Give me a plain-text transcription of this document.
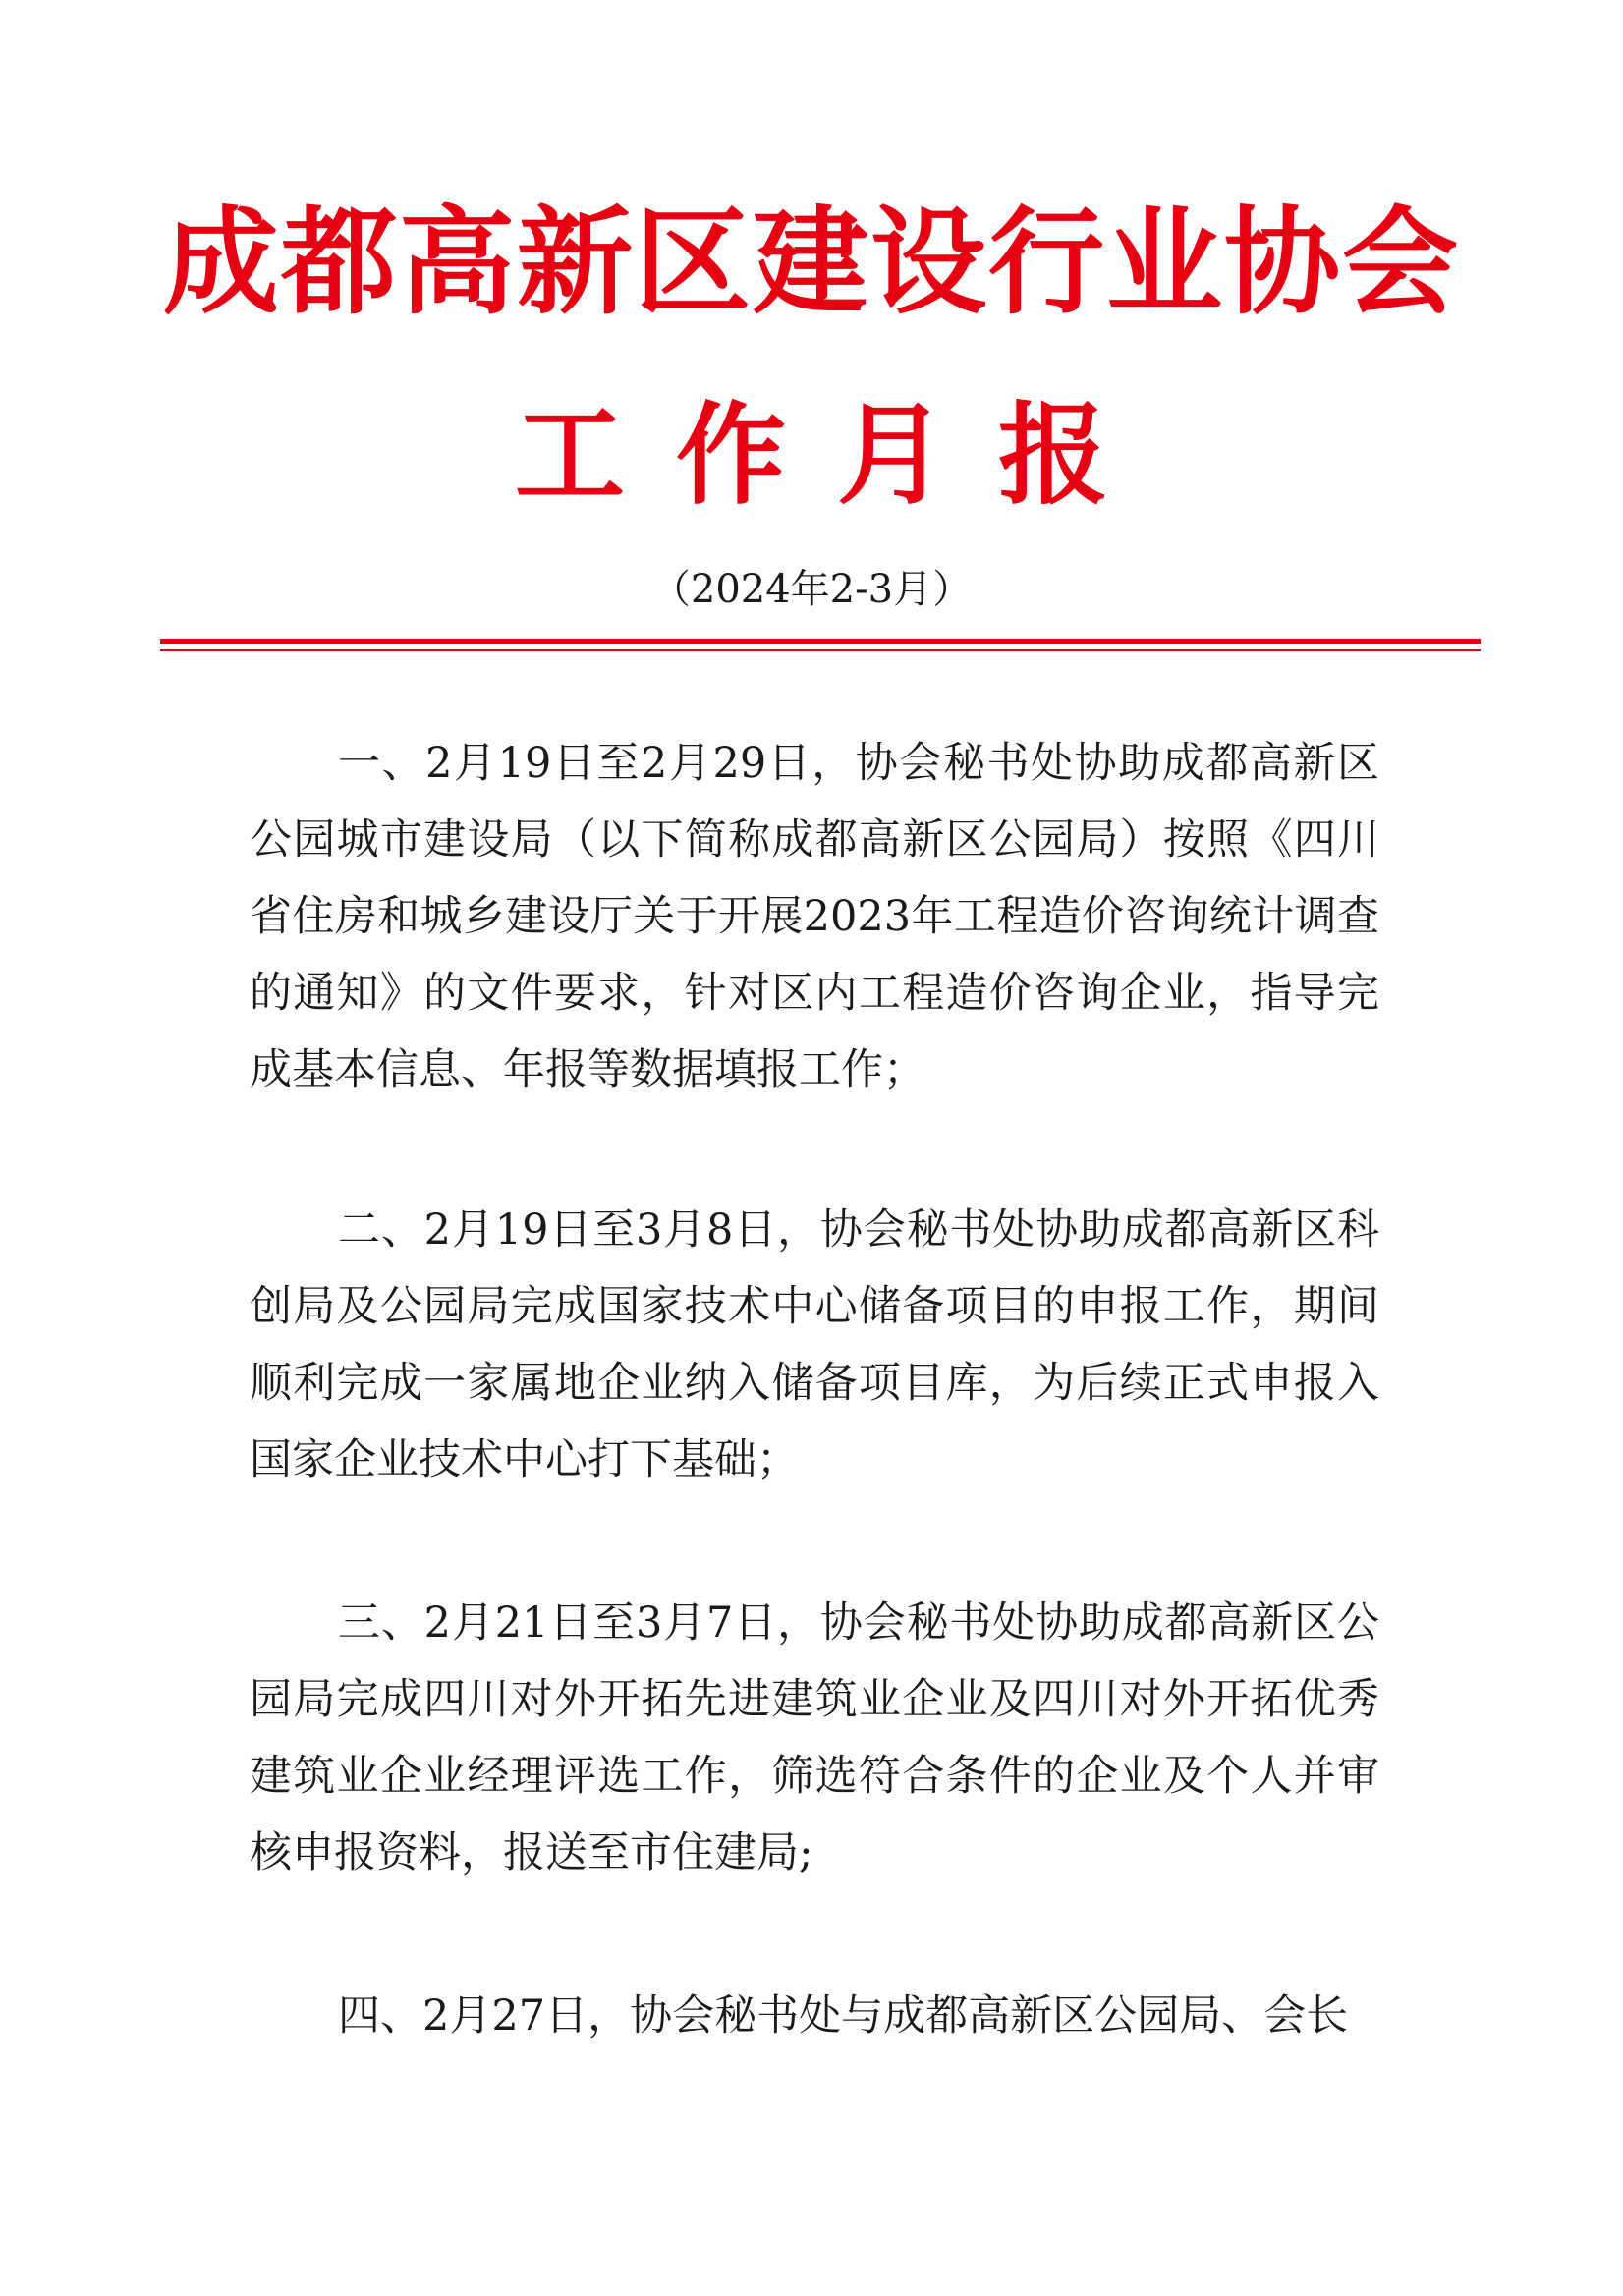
成都高新区建设行业协会
工作月报
（2024年2-3月）

一、2月19日至2月29日，协会秘书处协助成都高新区公园城市建设局（以下简称成都高新区公园局）按照《四川省住房和城乡建设厅关于开展2023年工程造价咨询统计调查的通知》的文件要求，针对区内工程造价咨询企业，指导完成基本信息、年报等数据填报工作；

二、2月19日至3月8日，协会秘书处协助成都高新区科创局及公园局完成国家技术中心储备项目的申报工作，期间顺利完成一家属地企业纳入储备项目库，为后续正式申报入国家企业技术中心打下基础；

三、2月21日至3月7日，协会秘书处协助成都高新区公园局完成四川对外开拓先进建筑业企业及四川对外开拓优秀建筑业企业经理评选工作，筛选符合条件的企业及个人并审核申报资料，报送至市住建局;

四、2月27日，协会秘书处与成都高新区公园局、会长
